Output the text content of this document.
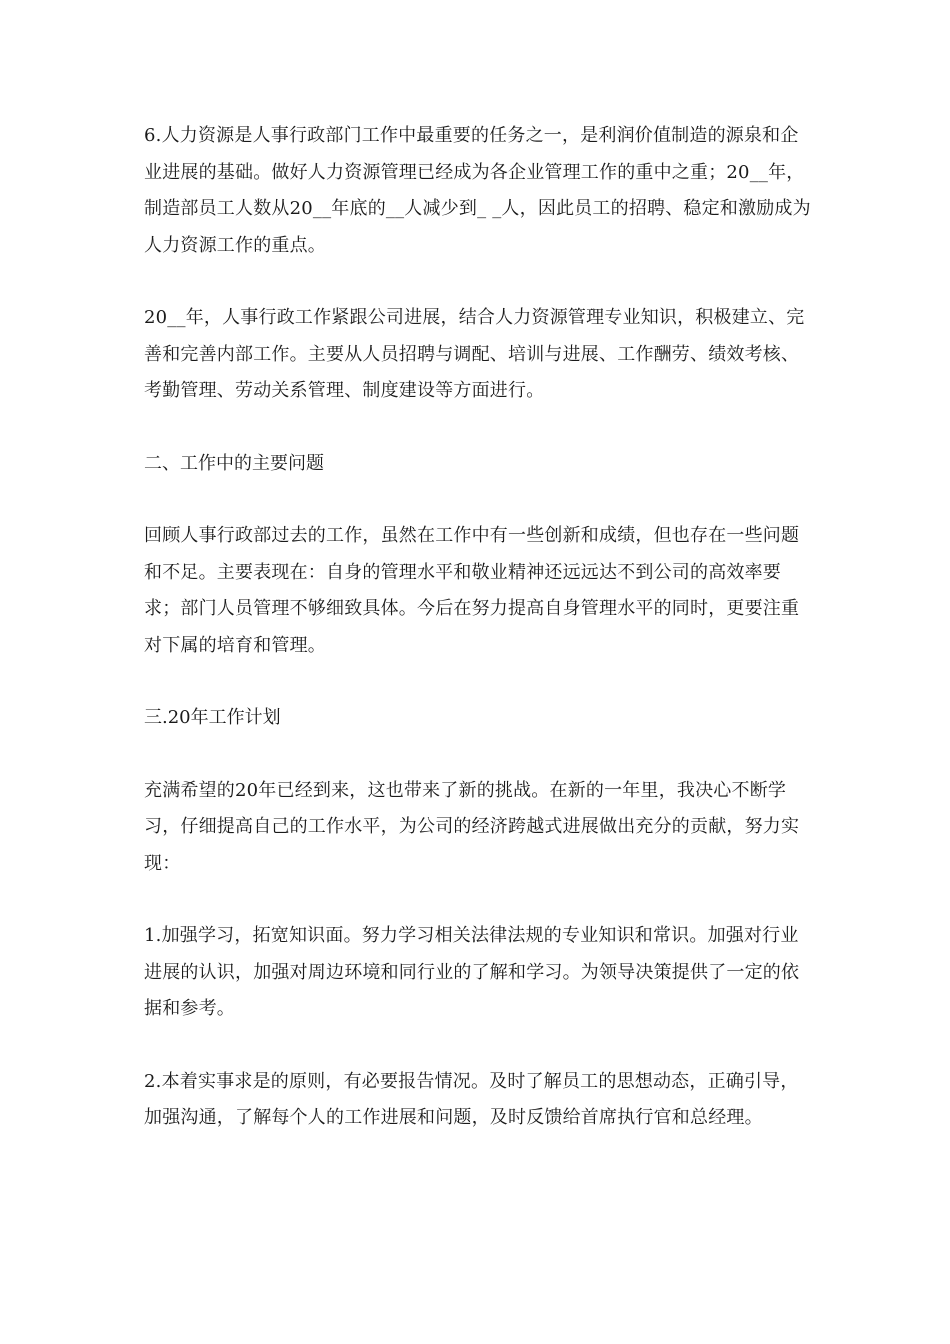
6.人力资源是人事行政部门工作中最重要的任务之一，是利润价值制造的源泉和企业进展的基础。做好人力资源管理已经成为各企业管理工作的重中之重；20__年，制造部员工人数从20__年底的__人减少到_ _人，因此员工的招聘、稳定和激励成为人力资源工作的重点。

20__年，人事行政工作紧跟公司进展，结合人力资源管理专业知识，积极建立、完善和完善内部工作。主要从人员招聘与调配、培训与进展、工作酬劳、绩效考核、考勤管理、劳动关系管理、制度建设等方面进行。

二、工作中的主要问题

回顾人事行政部过去的工作，虽然在工作中有一些创新和成绩，但也存在一些问题和不足。主要表现在：自身的管理水平和敬业精神还远远达不到公司的高效率要求；部门人员管理不够细致具体。今后在努力提高自身管理水平的同时，更要注重对下属的培育和管理。

三.20年工作计划

充满希望的20年已经到来，这也带来了新的挑战。在新的一年里，我决心不断学习，仔细提高自己的工作水平，为公司的经济跨越式进展做出充分的贡献，努力实现：

1.加强学习，拓宽知识面。努力学习相关法律法规的专业知识和常识。加强对行业进展的认识，加强对周边环境和同行业的了解和学习。为领导决策提供了一定的依据和参考。

2.本着实事求是的原则，有必要报告情况。及时了解员工的思想动态，正确引导，加强沟通，了解每个人的工作进展和问题，及时反馈给首席执行官和总经理。
